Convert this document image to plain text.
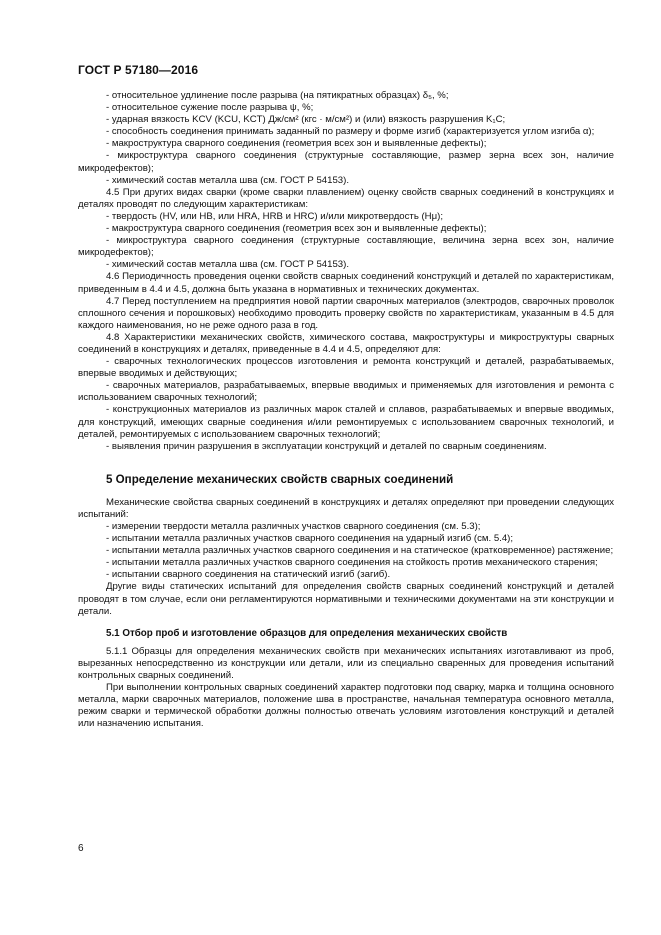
ГОСТ Р 57180—2016

- относительное удлинение после разрыва (на пятикратных образцах) δ₅, %;

- относительное сужение после разрыва ψ, %;

- ударная вязкость KCV (KCU, KCT) Дж/см² (кгс · м/см²) и (или) вязкость разрушения K₁C;

- способность соединения принимать заданный по размеру и форме изгиб (характеризуется углом изгиба α);

- макроструктура сварного соединения (геометрия всех зон и выявленные дефекты);

- микроструктура сварного соединения (структурные составляющие, размер зерна всех зон, наличие микродефектов);

- химический состав металла шва (см. ГОСТ Р 54153).

4.5 При других видах сварки (кроме сварки плавлением) оценку свойств сварных соединений в конструкциях и деталях проводят по следующим характеристикам:

- твердость (HV, или HB, или HRA, HRB и HRC) и/или микротвердость (Hμ);

- макроструктура сварного соединения (геометрия всех зон и выявленные дефекты);

- микроструктура сварного соединения (структурные составляющие, величина зерна всех зон, наличие микродефектов);

- химический состав металла шва (см. ГОСТ Р 54153).

4.6 Периодичность проведения оценки свойств сварных соединений конструкций и деталей по характеристикам, приведенным в 4.4 и 4.5, должна быть указана в нормативных и технических документах.

4.7 Перед поступлением на предприятия новой партии сварочных материалов (электродов, сварочных проволок сплошного сечения и порошковых) необходимо проводить проверку свойств по характеристикам, указанным в 4.5 для каждого наименования, но не реже одного раза в год.

4.8 Характеристики механических свойств, химического состава, макроструктуры и микроструктуры сварных соединений в конструкциях и деталях, приведенные в 4.4 и 4.5, определяют для:

- сварочных технологических процессов изготовления и ремонта конструкций и деталей, разрабатываемых, впервые вводимых и действующих;

- сварочных материалов, разрабатываемых, впервые вводимых и применяемых для изготовления и ремонта с использованием сварочных технологий;

- конструкционных материалов из различных марок сталей и сплавов, разрабатываемых и впервые вводимых, для конструкций, имеющих сварные соединения и/или ремонтируемых с использованием сварочных технологий, и деталей, ремонтируемых с использованием сварочных технологий;

- выявления причин разрушения в эксплуатации конструкций и деталей по сварным соединениям.

5 Определение механических свойств сварных соединений

Механические свойства сварных соединений в конструкциях и деталях определяют при проведении следующих испытаний:

- измерении твердости металла различных участков сварного соединения (см. 5.3);

- испытании металла различных участков сварного соединения на ударный изгиб (см. 5.4);

- испытании металла различных участков сварного соединения и на статическое (кратковременное) растяжение;

- испытании металла различных участков сварного соединения на стойкость против механического старения;

- испытании сварного соединения на статический изгиб (загиб).

Другие виды статических испытаний для определения свойств сварных соединений конструкций и деталей проводят в том случае, если они регламентируются нормативными и техническими документами на эти конструкции и детали.

5.1 Отбор проб и изготовление образцов для определения механических свойств

5.1.1 Образцы для определения механических свойств при механических испытаниях изготавливают из проб, вырезанных непосредственно из конструкции или детали, или из специально сваренных для проведения испытаний контрольных сварных соединений.

При выполнении контрольных сварных соединений характер подготовки под сварку, марка и толщина основного металла, марки сварочных материалов, положение шва в пространстве, начальная температура основного металла, режим сварки и термической обработки должны полностью отвечать условиям изготовления конструкций и деталей или назначению испытания.

6
